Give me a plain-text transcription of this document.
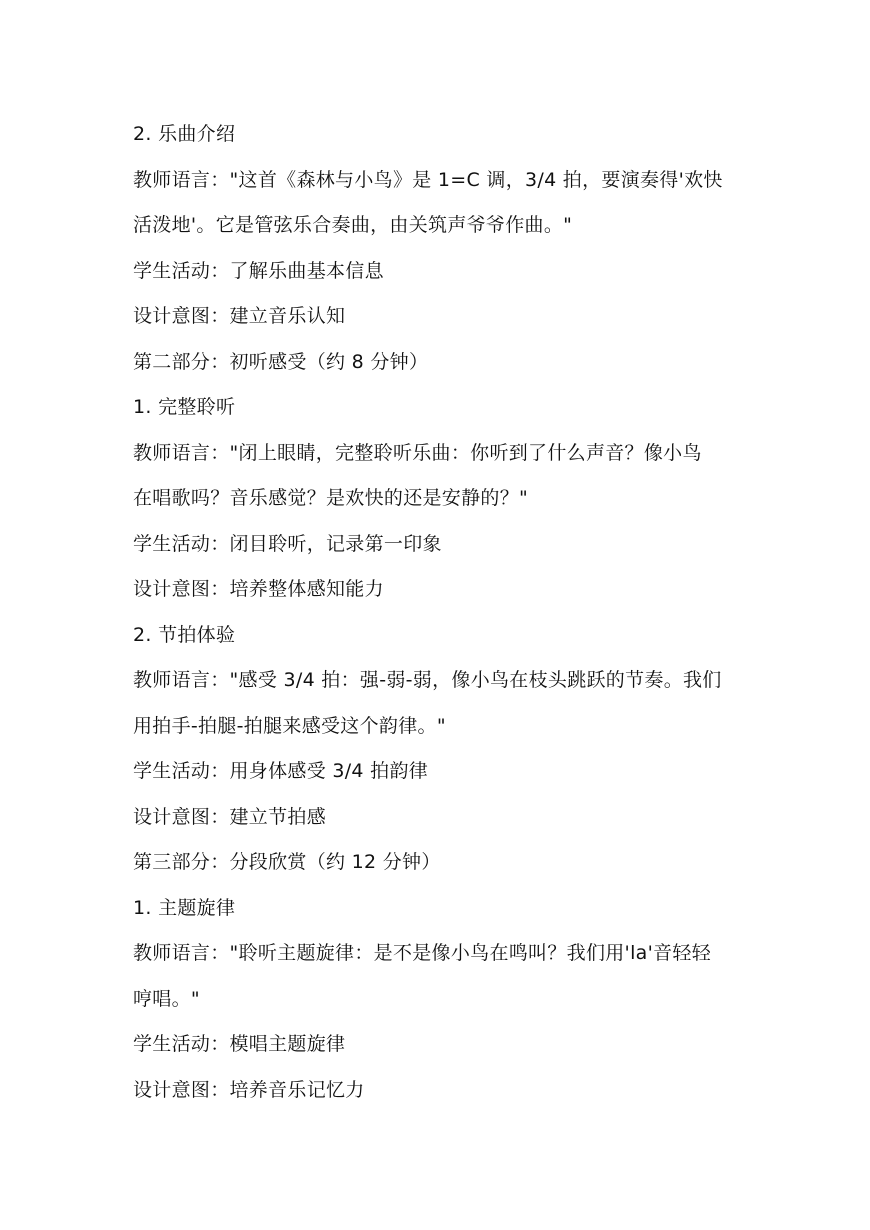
2. 乐曲介绍
教师语言："这首《森林与小鸟》是 1=C 调，3/4 拍，要演奏得'欢快
活泼地'。它是管弦乐合奏曲，由关筑声爷爷作曲。"
学生活动：了解乐曲基本信息
设计意图：建立音乐认知
第二部分：初听感受（约 8 分钟）
1. 完整聆听
教师语言："闭上眼睛，完整聆听乐曲：你听到了什么声音？像小鸟
在唱歌吗？音乐感觉？是欢快的还是安静的？"
学生活动：闭目聆听，记录第一印象
设计意图：培养整体感知能力
2. 节拍体验
教师语言："感受 3/4 拍：强-弱-弱，像小鸟在枝头跳跃的节奏。我们
用拍手-拍腿-拍腿来感受这个韵律。"
学生活动：用身体感受 3/4 拍韵律
设计意图：建立节拍感
第三部分：分段欣赏（约 12 分钟）
1. 主题旋律
教师语言："聆听主题旋律：是不是像小鸟在鸣叫？我们用'la'音轻轻
哼唱。"
学生活动：模唱主题旋律
设计意图：培养音乐记忆力
